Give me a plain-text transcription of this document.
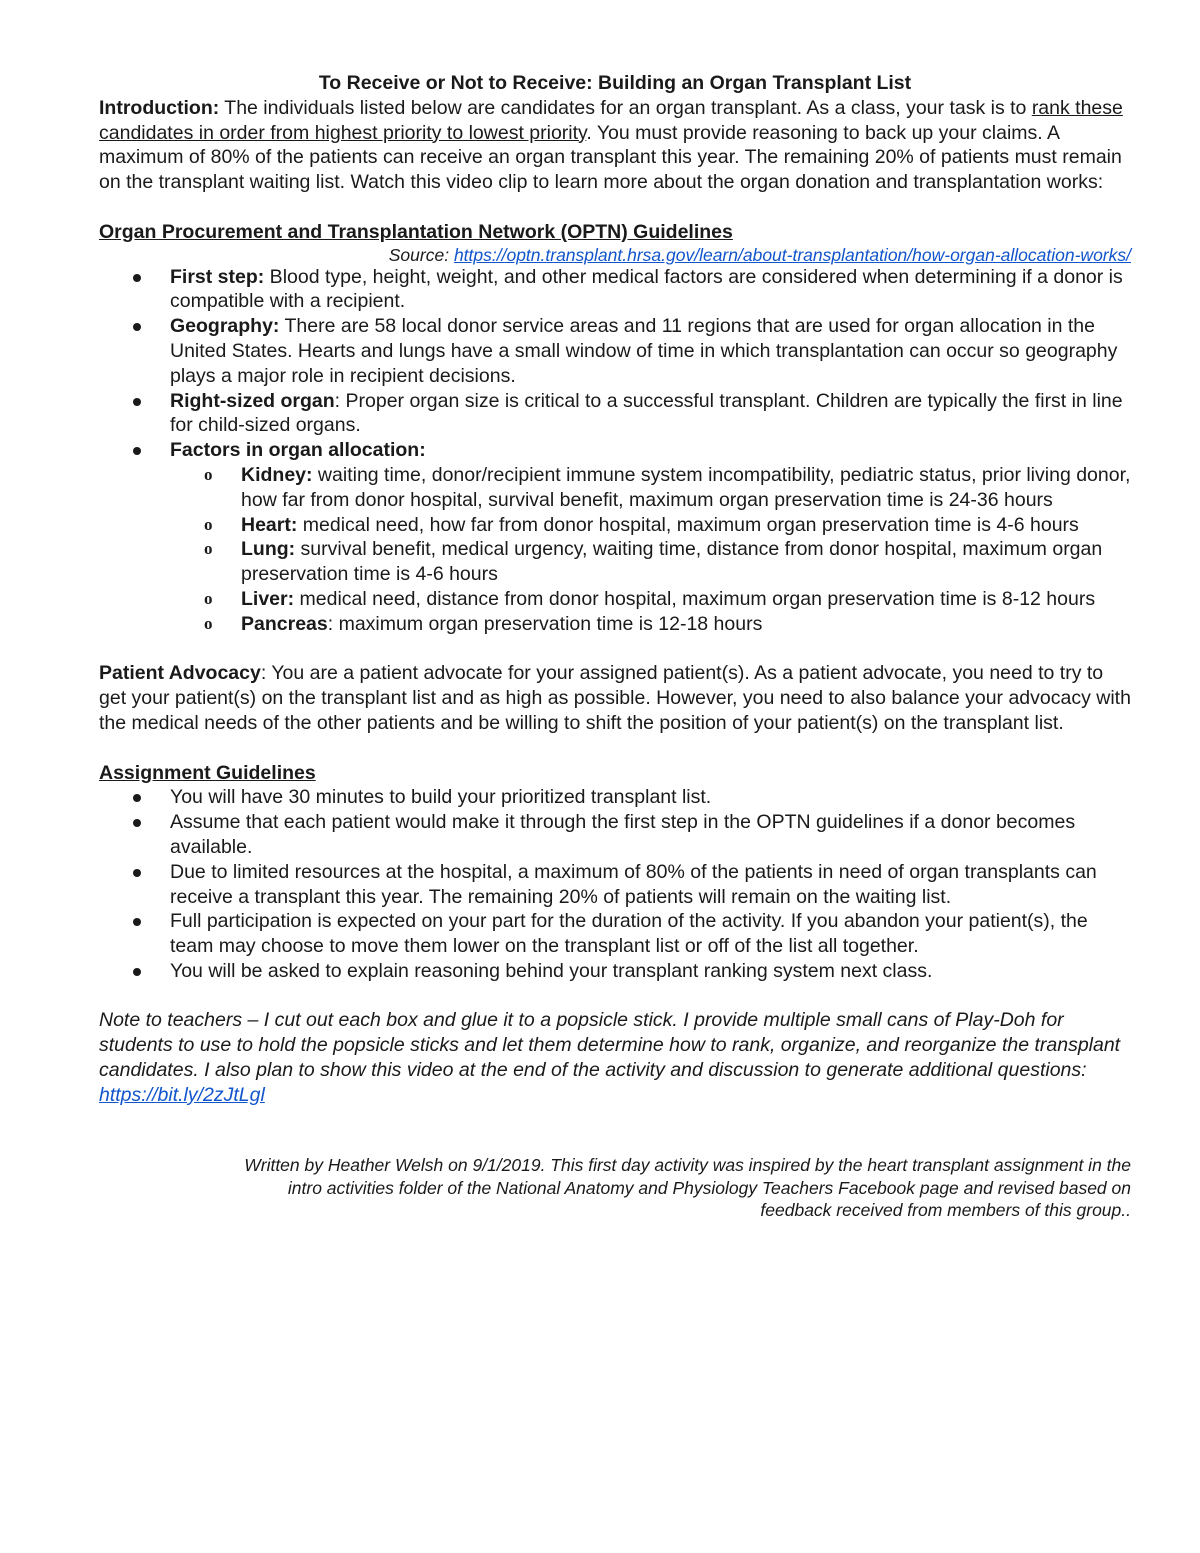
To Receive or Not to Receive: Building an Organ Transplant List

Introduction: The individuals listed below are candidates for an organ transplant. As a class, your task is to rank these candidates in order from highest priority to lowest priority. You must provide reasoning to back up your claims. A maximum of 80% of the patients can receive an organ transplant this year. The remaining 20% of patients must remain on the transplant waiting list. Watch this video clip to learn more about the organ donation and transplantation works:

Organ Procurement and Transplantation Network (OPTN) Guidelines

Source: https://optn.transplant.hrsa.gov/learn/about-transplantation/how-organ-allocation-works/

First step: Blood type, height, weight, and other medical factors are considered when determining if a donor is compatible with a recipient.
Geography: There are 58 local donor service areas and 11 regions that are used for organ allocation in the United States. Hearts and lungs have a small window of time in which transplantation can occur so geography plays a major role in recipient decisions.
Right-sized organ: Proper organ size is critical to a successful transplant. Children are typically the first in line for child-sized organs.
Factors in organ allocation:
o Kidney: waiting time, donor/recipient immune system incompatibility, pediatric status, prior living donor, how far from donor hospital, survival benefit, maximum organ preservation time is 24-36 hours
o Heart: medical need, how far from donor hospital, maximum organ preservation time is 4-6 hours
o Lung: survival benefit, medical urgency, waiting time, distance from donor hospital, maximum organ preservation time is 4-6 hours
o Liver: medical need, distance from donor hospital, maximum organ preservation time is 8-12 hours
o Pancreas: maximum organ preservation time is 12-18 hours

Patient Advocacy: You are a patient advocate for your assigned patient(s). As a patient advocate, you need to try to get your patient(s) on the transplant list and as high as possible. However, you need to also balance your advocacy with the medical needs of the other patients and be willing to shift the position of your patient(s) on the transplant list.

Assignment Guidelines

You will have 30 minutes to build your prioritized transplant list.
Assume that each patient would make it through the first step in the OPTN guidelines if a donor becomes available.
Due to limited resources at the hospital, a maximum of 80% of the patients in need of organ transplants can receive a transplant this year. The remaining 20% of patients will remain on the waiting list.
Full participation is expected on your part for the duration of the activity. If you abandon your patient(s), the team may choose to move them lower on the transplant list or off of the list all together.
You will be asked to explain reasoning behind your transplant ranking system next class.

Note to teachers – I cut out each box and glue it to a popsicle stick. I provide multiple small cans of Play-Doh for students to use to hold the popsicle sticks and let them determine how to rank, organize, and reorganize the transplant candidates. I also plan to show this video at the end of the activity and discussion to generate additional questions: https://bit.ly/2zJtLgl

Written by Heather Welsh on 9/1/2019. This first day activity was inspired by the heart transplant assignment in the

intro activities folder of the National Anatomy and Physiology Teachers Facebook page and revised based on

feedback received from members of this group..
